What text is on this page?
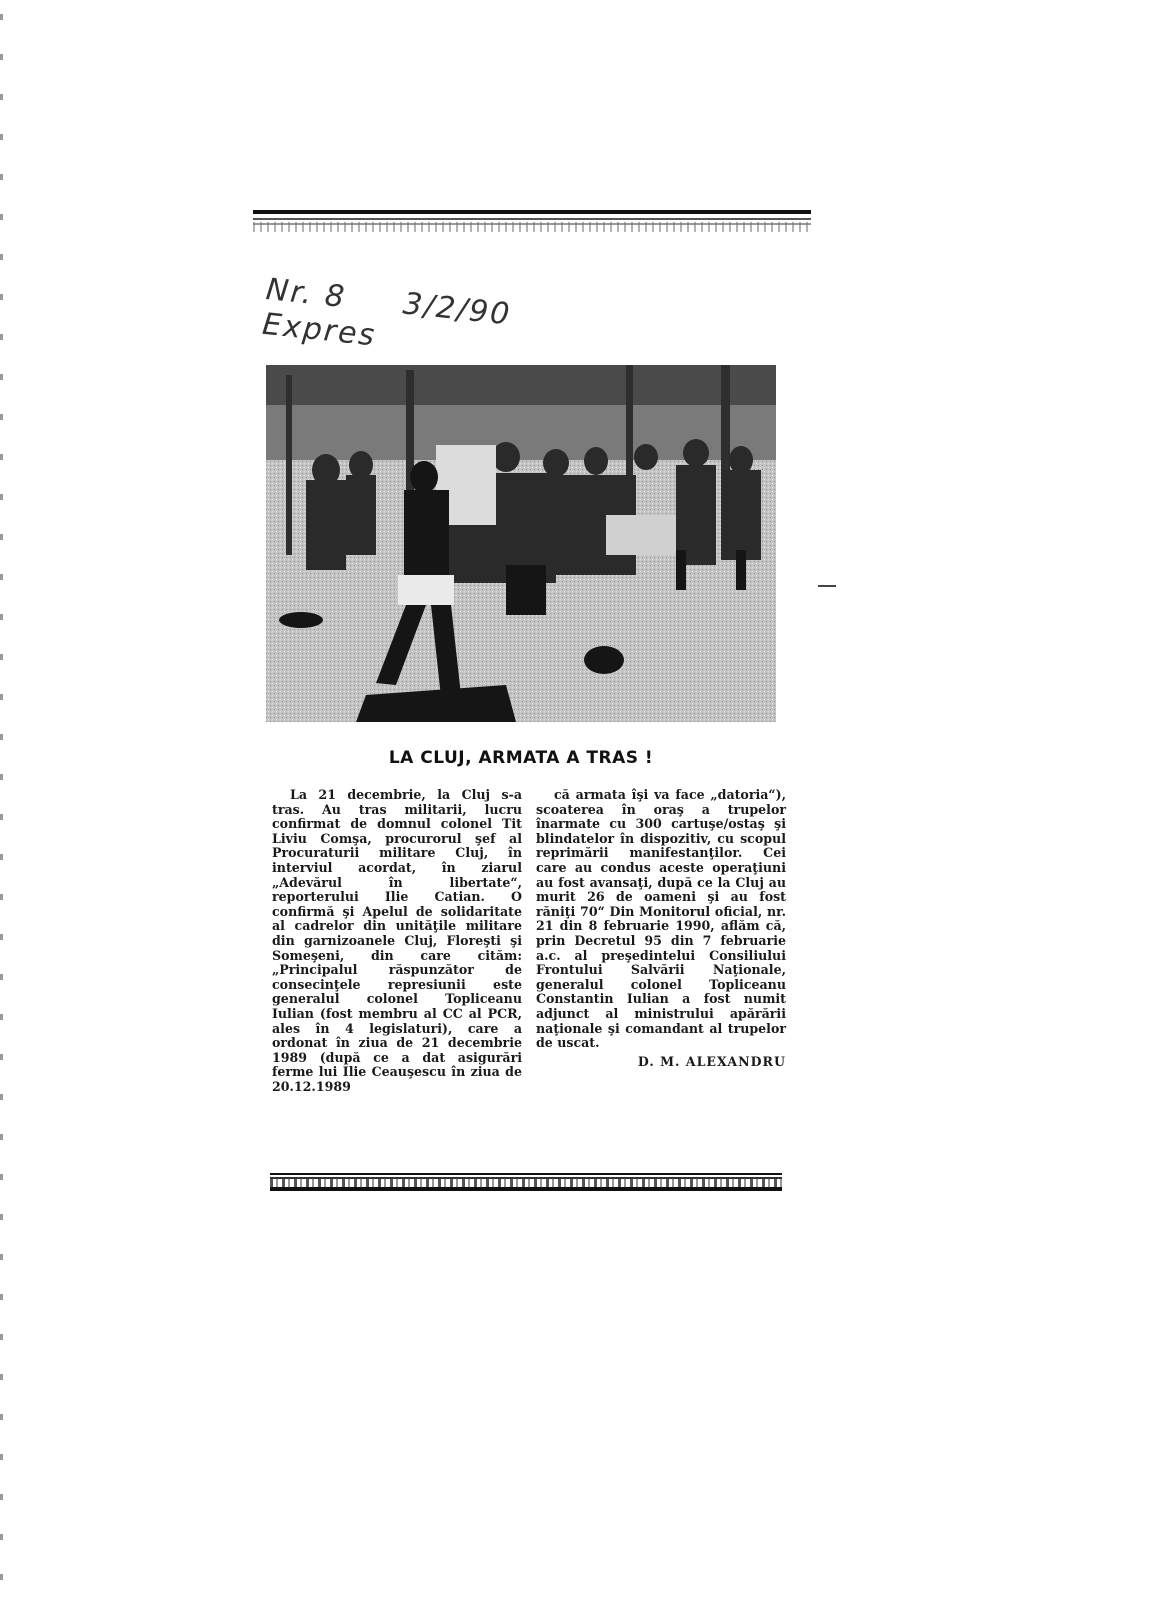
Nr. 8 3/2/90 Expres
LA CLUJ, ARMATA A TRAS !

La 21 decembrie, la Cluj s-a tras. Au tras militarii, lucru confirmat de domnul colonel Tit Liviu Comşa, procurorul şef al Procuraturii militare Cluj, în interviul acordat, în ziarul „Adevărul în libertate“, reporterului Ilie Catian. O confirmă şi Apelul de solidaritate al cadrelor din unităţile militare din garnizoanele Cluj, Floreşti şi Someşeni, din care cităm: „Principalul răspunzător de consecinţele represiunii este generalul colonel Topliceanu Iulian (fost membru al CC al PCR, ales în 4 legislaturi), care a ordonat în ziua de 21 decembrie 1989 (după ce a dat asigurări ferme lui Ilie Ceauşescu în ziua de 20.12.1989

că armata îşi va face „datoria“), scoaterea în oraş a trupelor înarmate cu 300 cartuşe/ostaş şi blindatelor în dispozitiv, cu scopul reprimării manifestanţilor. Cei care au condus aceste operaţiuni au fost avansaţi, după ce la Cluj au murit 26 de oameni şi au fost răniţi 70“ Din Monitorul oficial, nr. 21 din 8 februarie 1990, aflăm că, prin Decretul 95 din 7 februarie a.c. al preşedintelui Consiliului Frontului Salvării Naţionale, generalul colonel Topliceanu Constantin Iulian a fost numit adjunct al ministrului apărării naţionale şi comandant al trupelor de uscat.

D. M. ALEXANDRU
